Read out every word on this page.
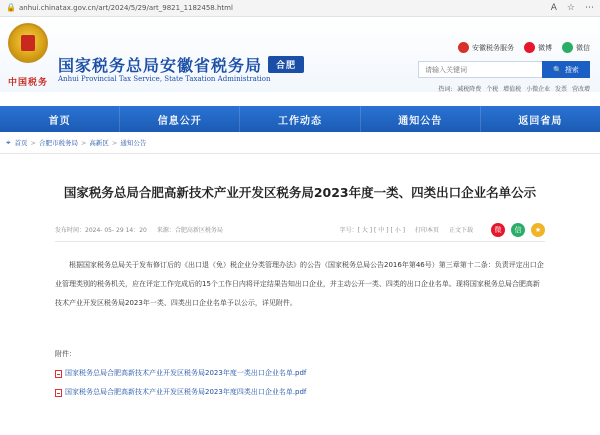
🔒 anhui.chinatax.gov.cn/art/2024/5/29/art_9821_1182458.html	A ☆ ⋯
中国税务
国家税务总局安徽省税务局 合肥
Anhui Provincial Tax Service, State Taxation Administration
安徽税务服务	微博	微信
请输入关键词
🔍 搜索
热词: 减税降费 个税 增值税 小微企业 发票 营改增
首页	信息公开	工作动态	通知公告	返回省局
⌖ 首页 > 合肥市税务局 > 高新区 > 通知公告
国家税务总局合肥高新技术产业开发区税务局2023年度一类、四类出口企业名单公示
发布时间：2024- 05- 29 14：20 来源：合肥高新区税务局	字号：[ 大 ] [ 中 ] [ 小 ] 打印本页 正文下载	微	信	★
根据国家税务总局关于发布修订后的《出口退（免）税企业分类管理办法》的公告（国家税务总局公告2016年第46号）第三章第十二条：负责评定出口企业管理类别的税务机关，应在评定工作完成后的15个工作日内将评定结果告知出口企业，并主动公开一类、四类的出口企业名单。现将国家税务总局合肥高新技术产业开发区税务局2023年一类、四类出口企业名单予以公示，详见附件。
附件：
国家税务总局合肥高新技术产业开发区税务局2023年度一类出口企业名单.pdf
国家税务总局合肥高新技术产业开发区税务局2023年度四类出口企业名单.pdf
